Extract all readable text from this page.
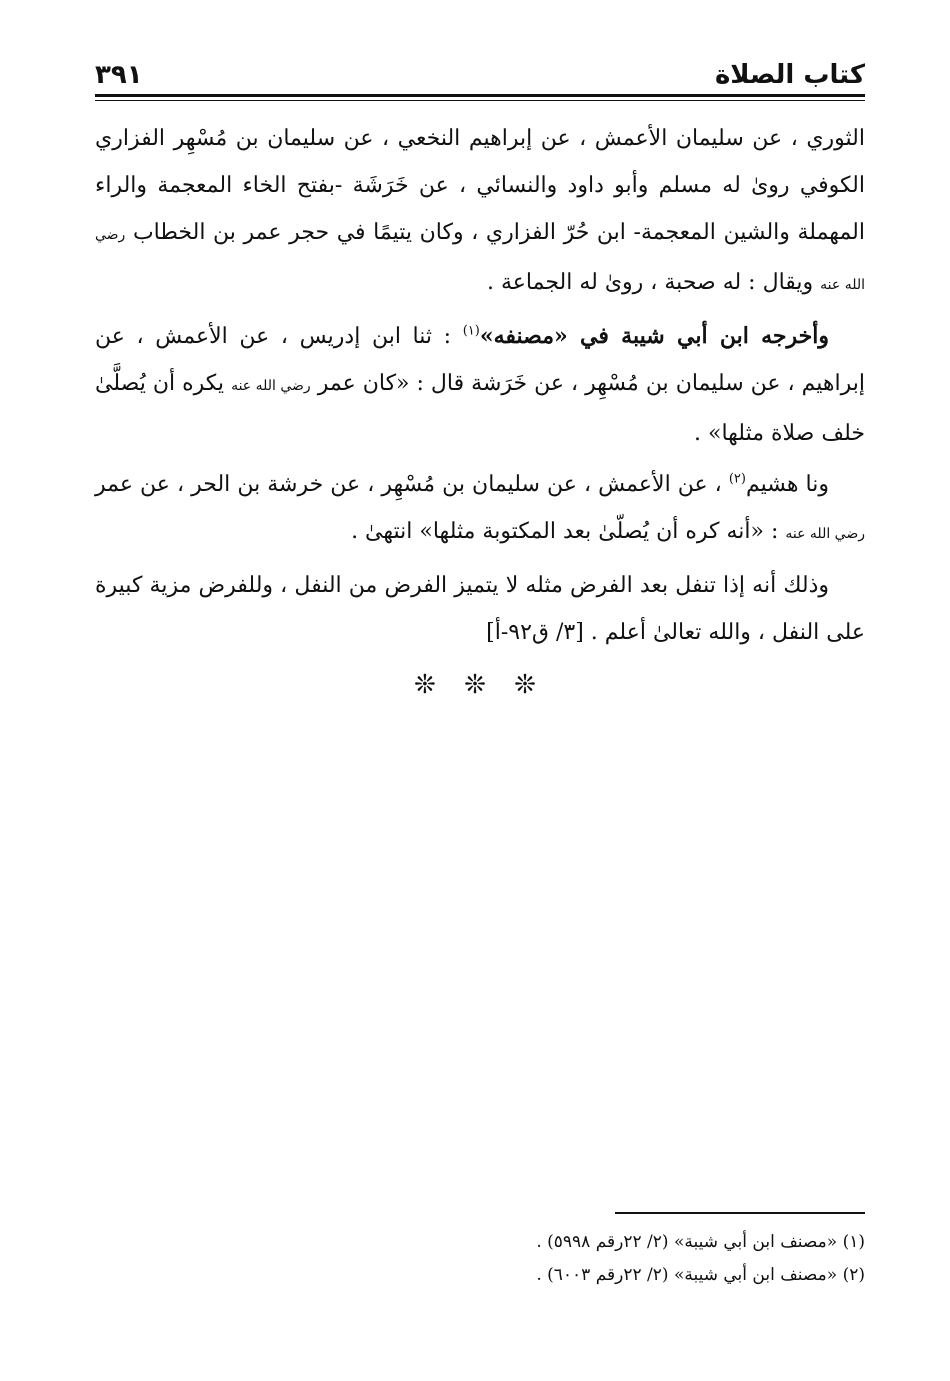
كتاب الصلاة
٣٩١

الثوري ، عن سليمان الأعمش ، عن إبراهيم النخعي ، عن سليمان بن مُسْهِر الفزاري الكوفي روىٰ له مسلم وأبو داود والنسائي ، عن خَرَشَة -بفتح الخاء المعجمة والراء المهملة والشين المعجمة- ابن حُرّ الفزاري ، وكان يتيمًا في حجر عمر بن الخطاب رضي الله عنه ويقال : له صحبة ، روىٰ له الجماعة .

وأخرجه ابن أبي شيبة في «مصنفه»$^{(١)}$ : ثنا ابن إدريس ، عن الأعمش ، عن إبراهيم ، عن سليمان بن مُسْهِر ، عن خَرَشة قال : «كان عمر رضي الله عنه يكره أن يُصلَّىٰ خلف صلاة مثلها» .

ونا هشيم$^{(٢)}$ ، عن الأعمش ، عن سليمان بن مُسْهِر ، عن خرشة بن الحر ، عن عمر رضي الله عنه : «أنه كره أن يُصلّىٰ بعد المكتوبة مثلها» انتهىٰ .

وذلك أنه إذا تنفل بعد الفرض مثله لا يتميز الفرض من النفل ، وللفرض مزية كبيرة على النفل ، والله تعالىٰ أعلم . [٣/ ق٩٢-أ]

❊ ❊ ❊
(١) «مصنف ابن أبي شيبة» (٢/ ٢٢رقم ٥٩٩٨) .
(٢) «مصنف ابن أبي شيبة» (٢/ ٢٢رقم ٦٠٠٣) .
